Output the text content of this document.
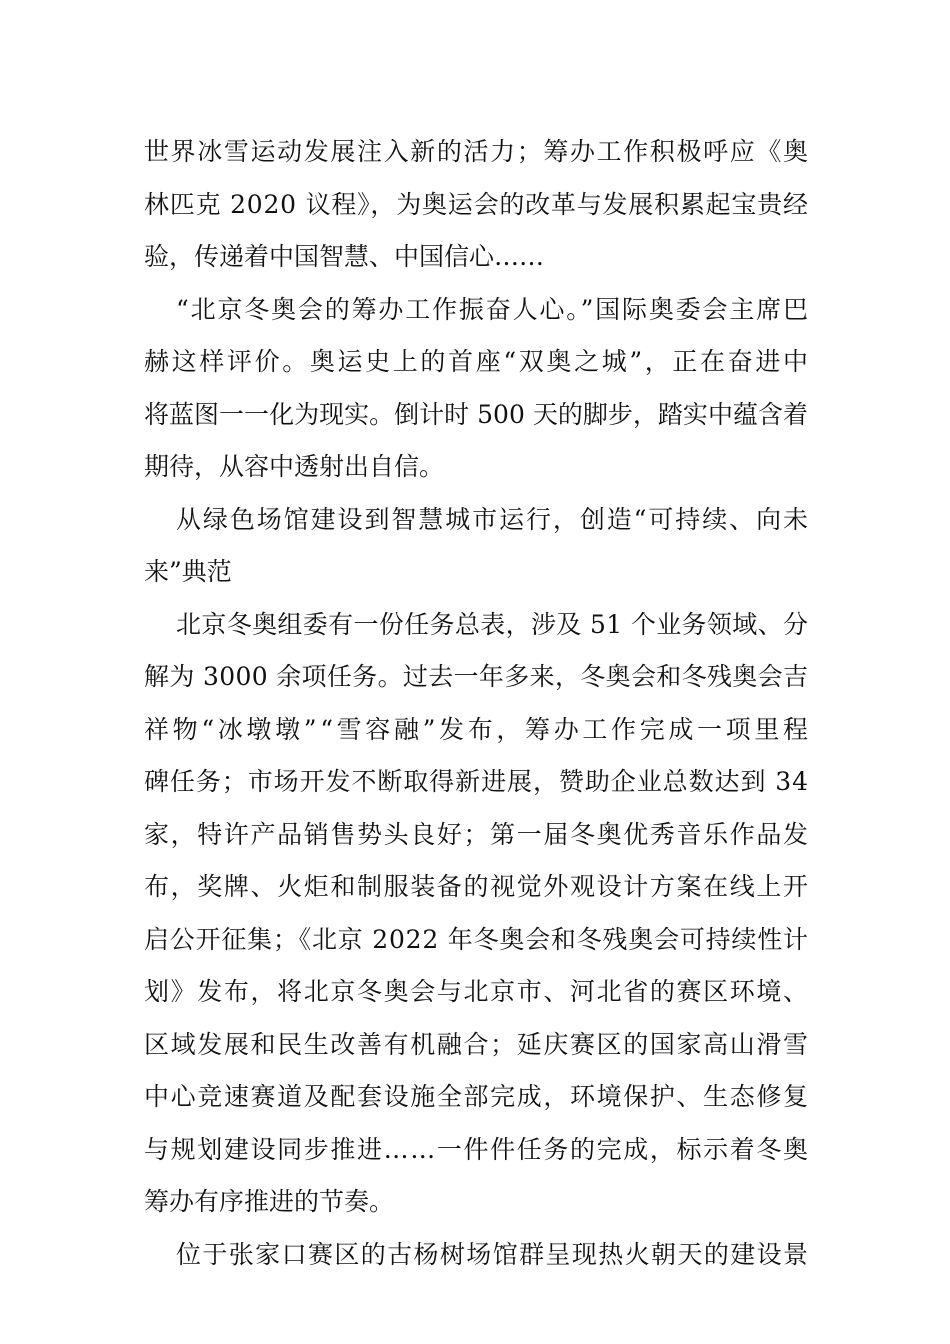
世界冰雪运动发展注入新的活力；筹办工作积极呼应《奥
林匹克 2020 议程》，为奥运会的改革与发展积累起宝贵经
验，传递着中国智慧、中国信心……
“北京冬奥会的筹办工作振奋人心。”国际奥委会主席巴
赫这样评价。奥运史上的首座“双奥之城”，正在奋进中
将蓝图一一化为现实。倒计时 500 天的脚步，踏实中蕴含着
期待，从容中透射出自信。
从绿色场馆建设到智慧城市运行，创造“可持续、向未
来”典范
北京冬奥组委有一份任务总表，涉及 51 个业务领域、分
解为 3000 余项任务。过去一年多来，冬奥会和冬残奥会吉
祥物“冰墩墩”“雪容融”发布，筹办工作完成一项里程
碑任务；市场开发不断取得新进展，赞助企业总数达到 34
家，特许产品销售势头良好；第一届冬奥优秀音乐作品发
布，奖牌、火炬和制服装备的视觉外观设计方案在线上开
启公开征集；《北京 2022 年冬奥会和冬残奥会可持续性计
划》发布，将北京冬奥会与北京市、河北省的赛区环境、
区域发展和民生改善有机融合；延庆赛区的国家高山滑雪
中心竞速赛道及配套设施全部完成，环境保护、生态修复
与规划建设同步推进……一件件任务的完成，标示着冬奥
筹办有序推进的节奏。
位于张家口赛区的古杨树场馆群呈现热火朝天的建设景
